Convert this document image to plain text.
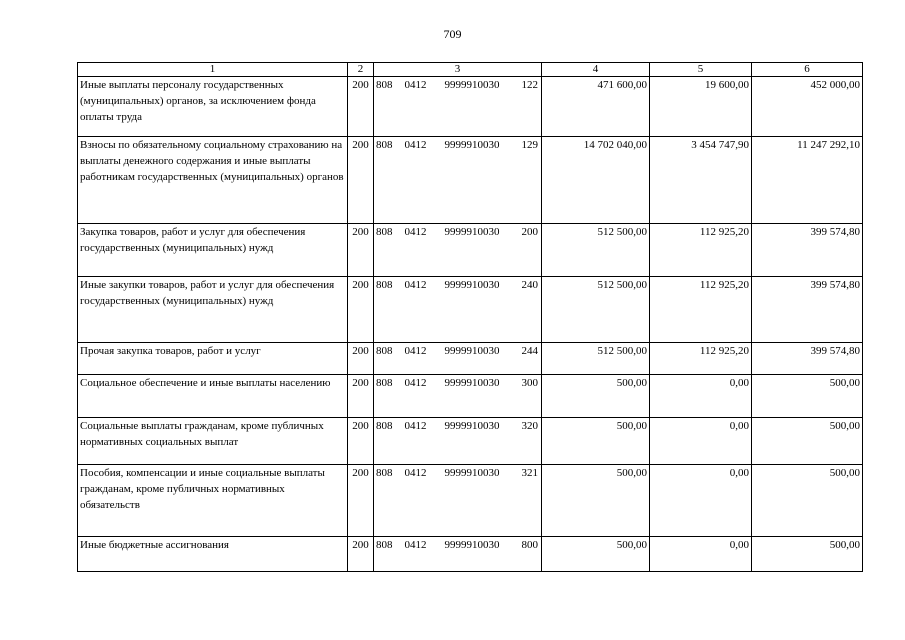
709
1	2	3	4	5	6
Иные выплаты персоналу государственных (муниципальных) органов, за исключением фонда оплаты труда	200	808 0412 9999910030 122	471 600,00	19 600,00	452 000,00
Взносы по обязательному социальному страхованию на выплаты денежного содержания и иные выплаты работникам государственных (муниципальных) органов	200	808 0412 9999910030 129	14 702 040,00	3 454 747,90	11 247 292,10
Закупка товаров, работ и услуг для обеспечения государственных (муниципальных) нужд	200	808 0412 9999910030 200	512 500,00	112 925,20	399 574,80
Иные закупки товаров, работ и услуг для обеспечения государственных (муниципальных) нужд	200	808 0412 9999910030 240	512 500,00	112 925,20	399 574,80
Прочая закупка товаров, работ и услуг	200	808 0412 9999910030 244	512 500,00	112 925,20	399 574,80
Социальное обеспечение и иные выплаты населению	200	808 0412 9999910030 300	500,00	0,00	500,00
Социальные выплаты гражданам, кроме публичных нормативных социальных выплат	200	808 0412 9999910030 320	500,00	0,00	500,00
Пособия, компенсации и иные социальные выплаты гражданам, кроме публичных нормативных обязательств	200	808 0412 9999910030 321	500,00	0,00	500,00
Иные бюджетные ассигнования	200	808 0412 9999910030 800	500,00	0,00	500,00
